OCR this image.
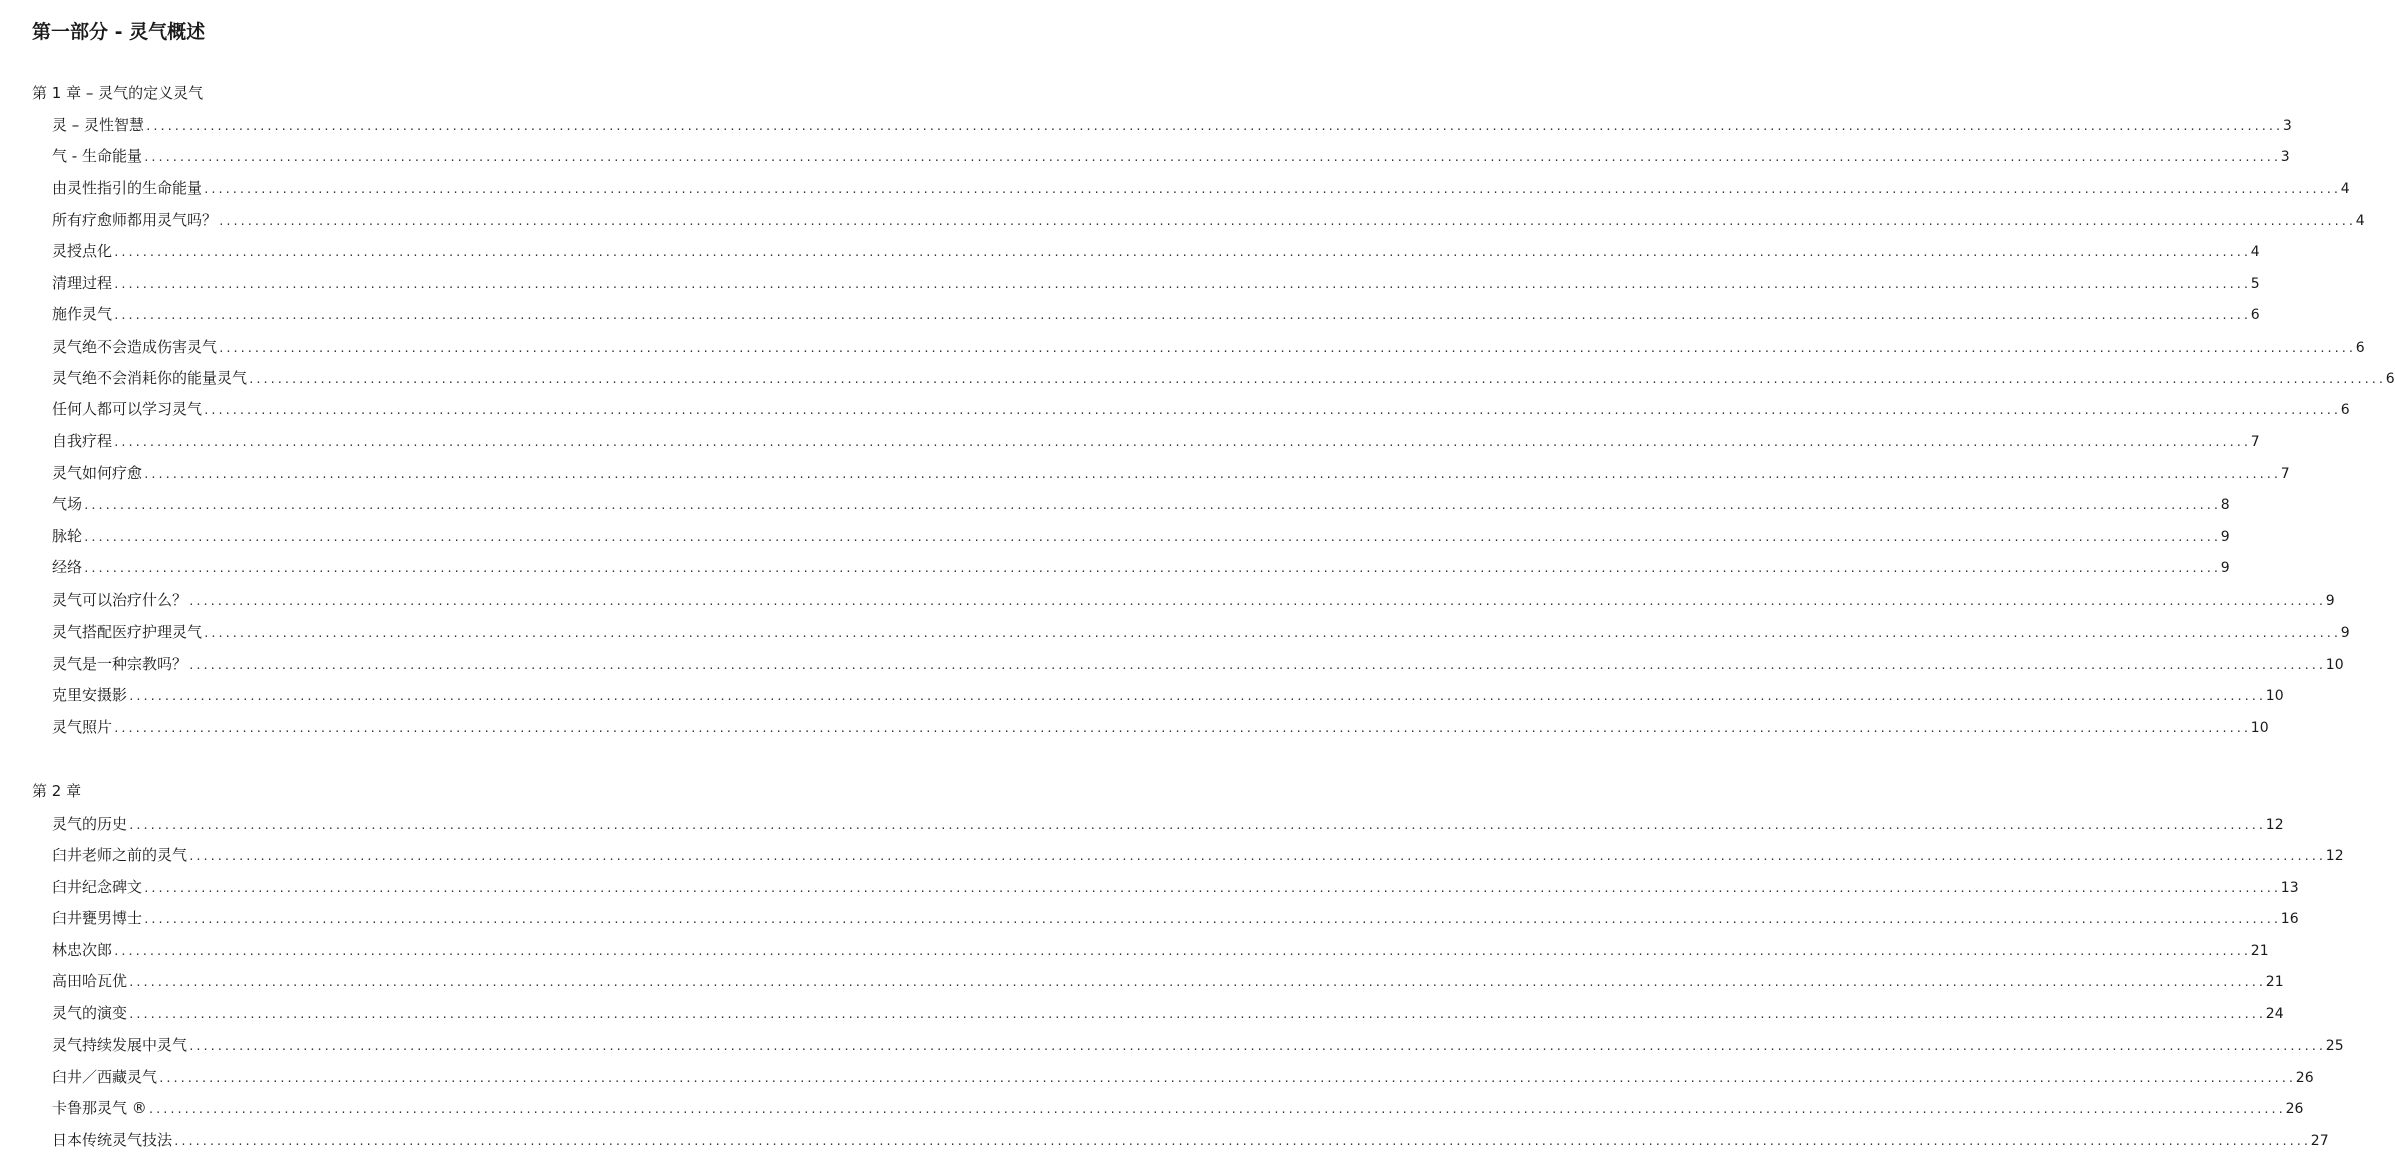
第一部分 - 灵气概述
第 1 章 – 灵气的定义灵气
灵 – 灵性智慧 ............................................................................................................................................................................................................................................................................................................ 3
气 - 生命能量 ............................................................................................................................................................................................................................................................................................................ 3
由灵性指引的生命能量 ............................................................................................................................................................................................................................................................................................................ 4
所有疗愈师都用灵气吗？ ............................................................................................................................................................................................................................................................................................................ 4
灵授点化 ............................................................................................................................................................................................................................................................................................................ 4
清理过程 ............................................................................................................................................................................................................................................................................................................ 5
施作灵气 ............................................................................................................................................................................................................................................................................................................ 6
灵气绝不会造成伤害灵气 ............................................................................................................................................................................................................................................................................................................ 6
灵气绝不会消耗你的能量灵气 ............................................................................................................................................................................................................................................................................................................ 6
任何人都可以学习灵气 ............................................................................................................................................................................................................................................................................................................ 6
自我疗程 ............................................................................................................................................................................................................................................................................................................ 7
灵气如何疗愈 ............................................................................................................................................................................................................................................................................................................ 7
气场 ............................................................................................................................................................................................................................................................................................................ 8
脉轮 ............................................................................................................................................................................................................................................................................................................ 9
经络 ............................................................................................................................................................................................................................................................................................................ 9
灵气可以治疗什么？ ............................................................................................................................................................................................................................................................................................................ 9
灵气搭配医疗护理灵气 ............................................................................................................................................................................................................................................................................................................ 9
灵气是一种宗教吗？ ............................................................................................................................................................................................................................................................................................................ 10
克里安摄影 ............................................................................................................................................................................................................................................................................................................ 10
灵气照片 ............................................................................................................................................................................................................................................................................................................ 10
第 2 章
灵气的历史 ............................................................................................................................................................................................................................................................................................................ 12
臼井老师之前的灵气 ............................................................................................................................................................................................................................................................................................................ 12
臼井纪念碑文 ............................................................................................................................................................................................................................................................................................................ 13
臼井甕男博士 ............................................................................................................................................................................................................................................................................................................ 16
林忠次郎 ............................................................................................................................................................................................................................................................................................................ 21
高田哈瓦优 ............................................................................................................................................................................................................................................................................................................ 21
灵气的演变 ............................................................................................................................................................................................................................................................................................................ 24
灵气持续发展中灵气 ............................................................................................................................................................................................................................................................................................................ 25
臼井／西藏灵气 ............................................................................................................................................................................................................................................................................................................ 26
卡鲁那灵气 ® ............................................................................................................................................................................................................................................................................................................ 26
日本传统灵气技法 ............................................................................................................................................................................................................................................................................................................ 27
